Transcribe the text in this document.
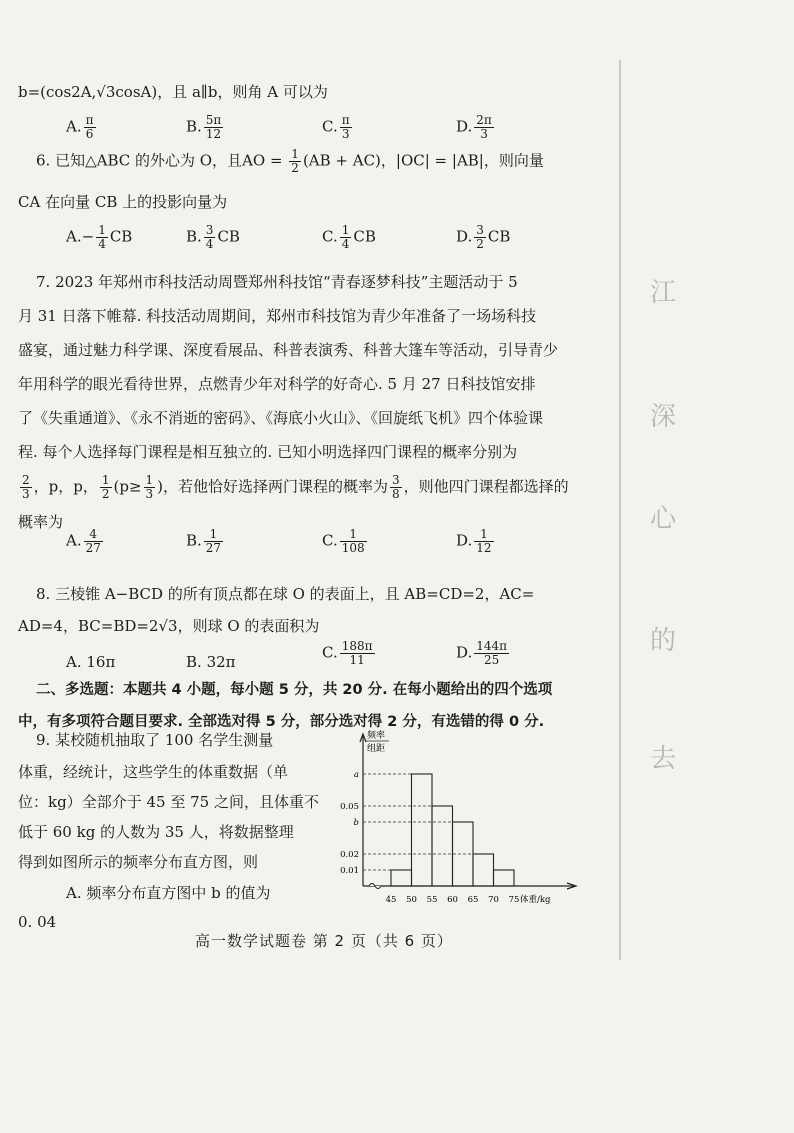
b=(cos2A,√3cosA)，且 a∥b，则角 A 可以为
A. $\frac{\pi}{6}$	B. $\frac{5\pi}{12}$	C. $\frac{\pi}{3}$	D. $\frac{2\pi}{3}$
6. 已知△ABC 的外心为 O，且AO = $\frac{1}{2} (AB + AC)$，|OC| = |AB|，则向量
CA 在向量 CB 上的投影向量为
$A.- \frac{1}{4}$ CB	B. $\frac{3}{4}$ CB	C. $\frac{1}{4}$ CB	D. $\frac{3}{2}$ CB
7. 2023 年郑州市科技活动周暨郑州科技馆“青春逐梦科技”主题活动于 5
月 31 日落下帷幕. 科技活动周期间，郑州市科技馆为青少年准备了一场场科技
盛宴，通过魅力科学课、深度看展品、科普表演秀、科普大篷车等活动，引导青少
年用科学的眼光看待世界，点燃青少年对科学的好奇心. 5 月 27 日科技馆安排
了《失重通道》、《永不消逝的密码》、《海底小火山》、《回旋纸飞机》四个体验课
程. 每个人选择每门课程是相互独立的. 已知小明选择四门课程的概率分别为
$\frac{2}{3}$ ，p，p， $\frac{1}{2} (p\ge \frac{1}{3}$ )，若他恰好选择两门课程的概率为 $\frac{3}{8}$ ，则他四门课程都选择的
概率为
A. $\frac{4}{27}$	B. $\frac{1}{27}$	C. $\frac{1}{108}$	D. $\frac{1}{12}$
8. 三棱锥 A−BCD 的所有顶点都在球 O 的表面上，且 AB=CD=2，AC=
AD=4，BC=BD=2√3，则球 O 的表面积为
A. 16π	B. 32π
C. $\frac{188\pi}{11}$	D. $\frac{144\pi}{25}$
二、多选题：本题共 4 小题，每小题 5 分，共 20 分. 在每小题给出的四个选项
中，有多项符合题目要求. 全部选对得 5 分，部分选对得 2 分，有选错的得 0 分.
9. 某校随机抽取了 100 名学生测量
体重，经统计，这些学生的体重数据（单
位：kg）全部介于 45 至 75 之间，且体重不
低于 60 kg 的人数为 35 人，将数据整理
频率
组距
a
0.05
b
0.02
0.01
45 50 55 60 65 70 75 体重/kg
高一数学试题卷 第 2 页（共 6 页）
江
深
心
的
去
得到如图所示的频率分布直方图，则
A. 频率分布直方图中 b 的值为
0. 04
